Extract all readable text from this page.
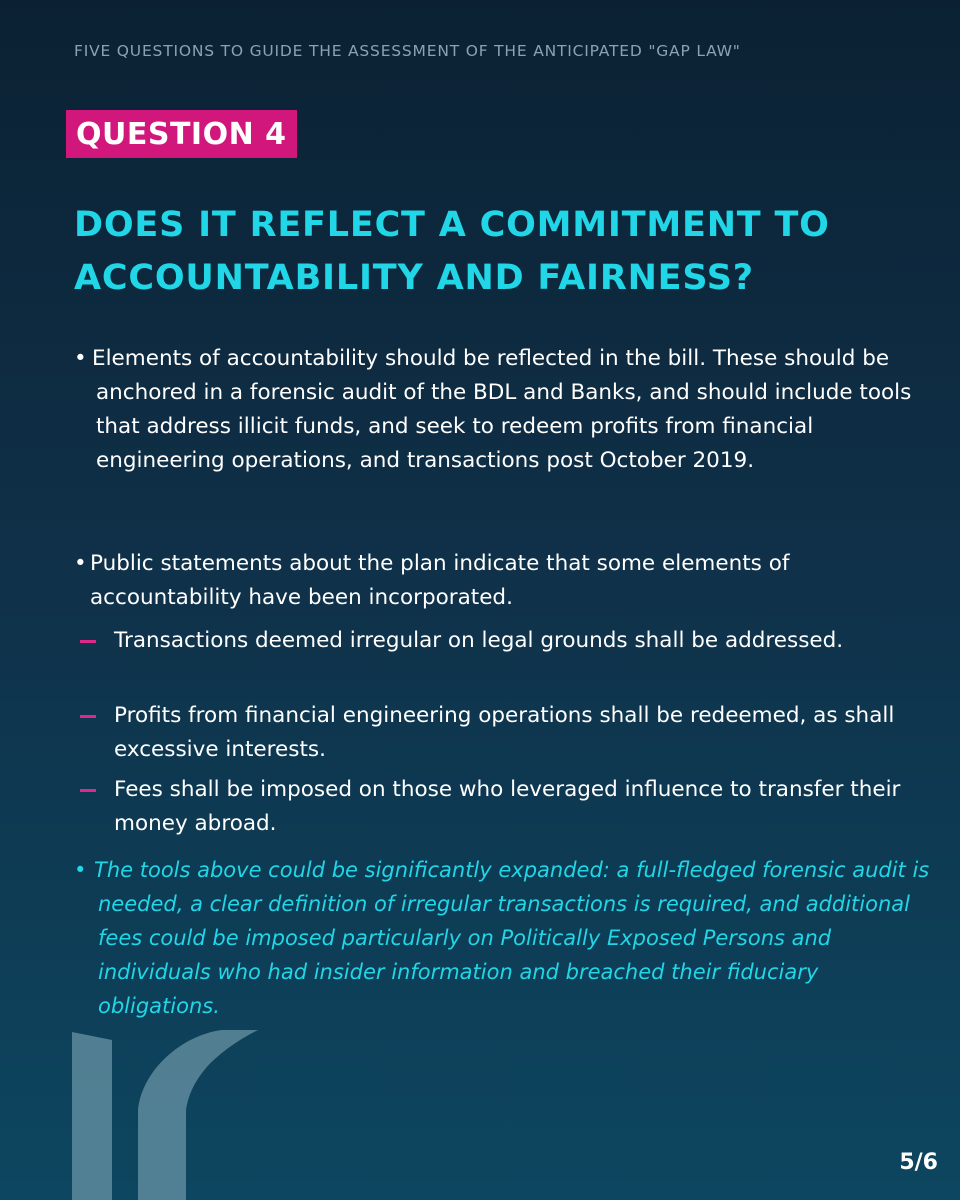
FIVE QUESTIONS TO GUIDE THE ASSESSMENT OF THE ANTICIPATED "GAP LAW"
QUESTION 4
DOES IT REFLECT A COMMITMENT TO
ACCOUNTABILITY AND FAIRNESS?
• Elements of accountability should be reflected in the bill. These should be anchored in a forensic audit of the BDL and Banks, and should include tools that address illicit funds, and seek to redeem profits from financial engineering operations, and transactions post October 2019.
• Public statements about the plan indicate that some elements of accountability have been incorporated.
Transactions deemed irregular on legal grounds shall be addressed.
Profits from financial engineering operations shall be redeemed, as shall excessive interests.
Fees shall be imposed on those who leveraged influence to transfer their money abroad.
• The tools above could be significantly expanded: a full-fledged forensic audit is needed, a clear definition of irregular transactions is required, and additional fees could be imposed particularly on Politically Exposed Persons and individuals who had insider information and breached their fiduciary obligations.
5/6
